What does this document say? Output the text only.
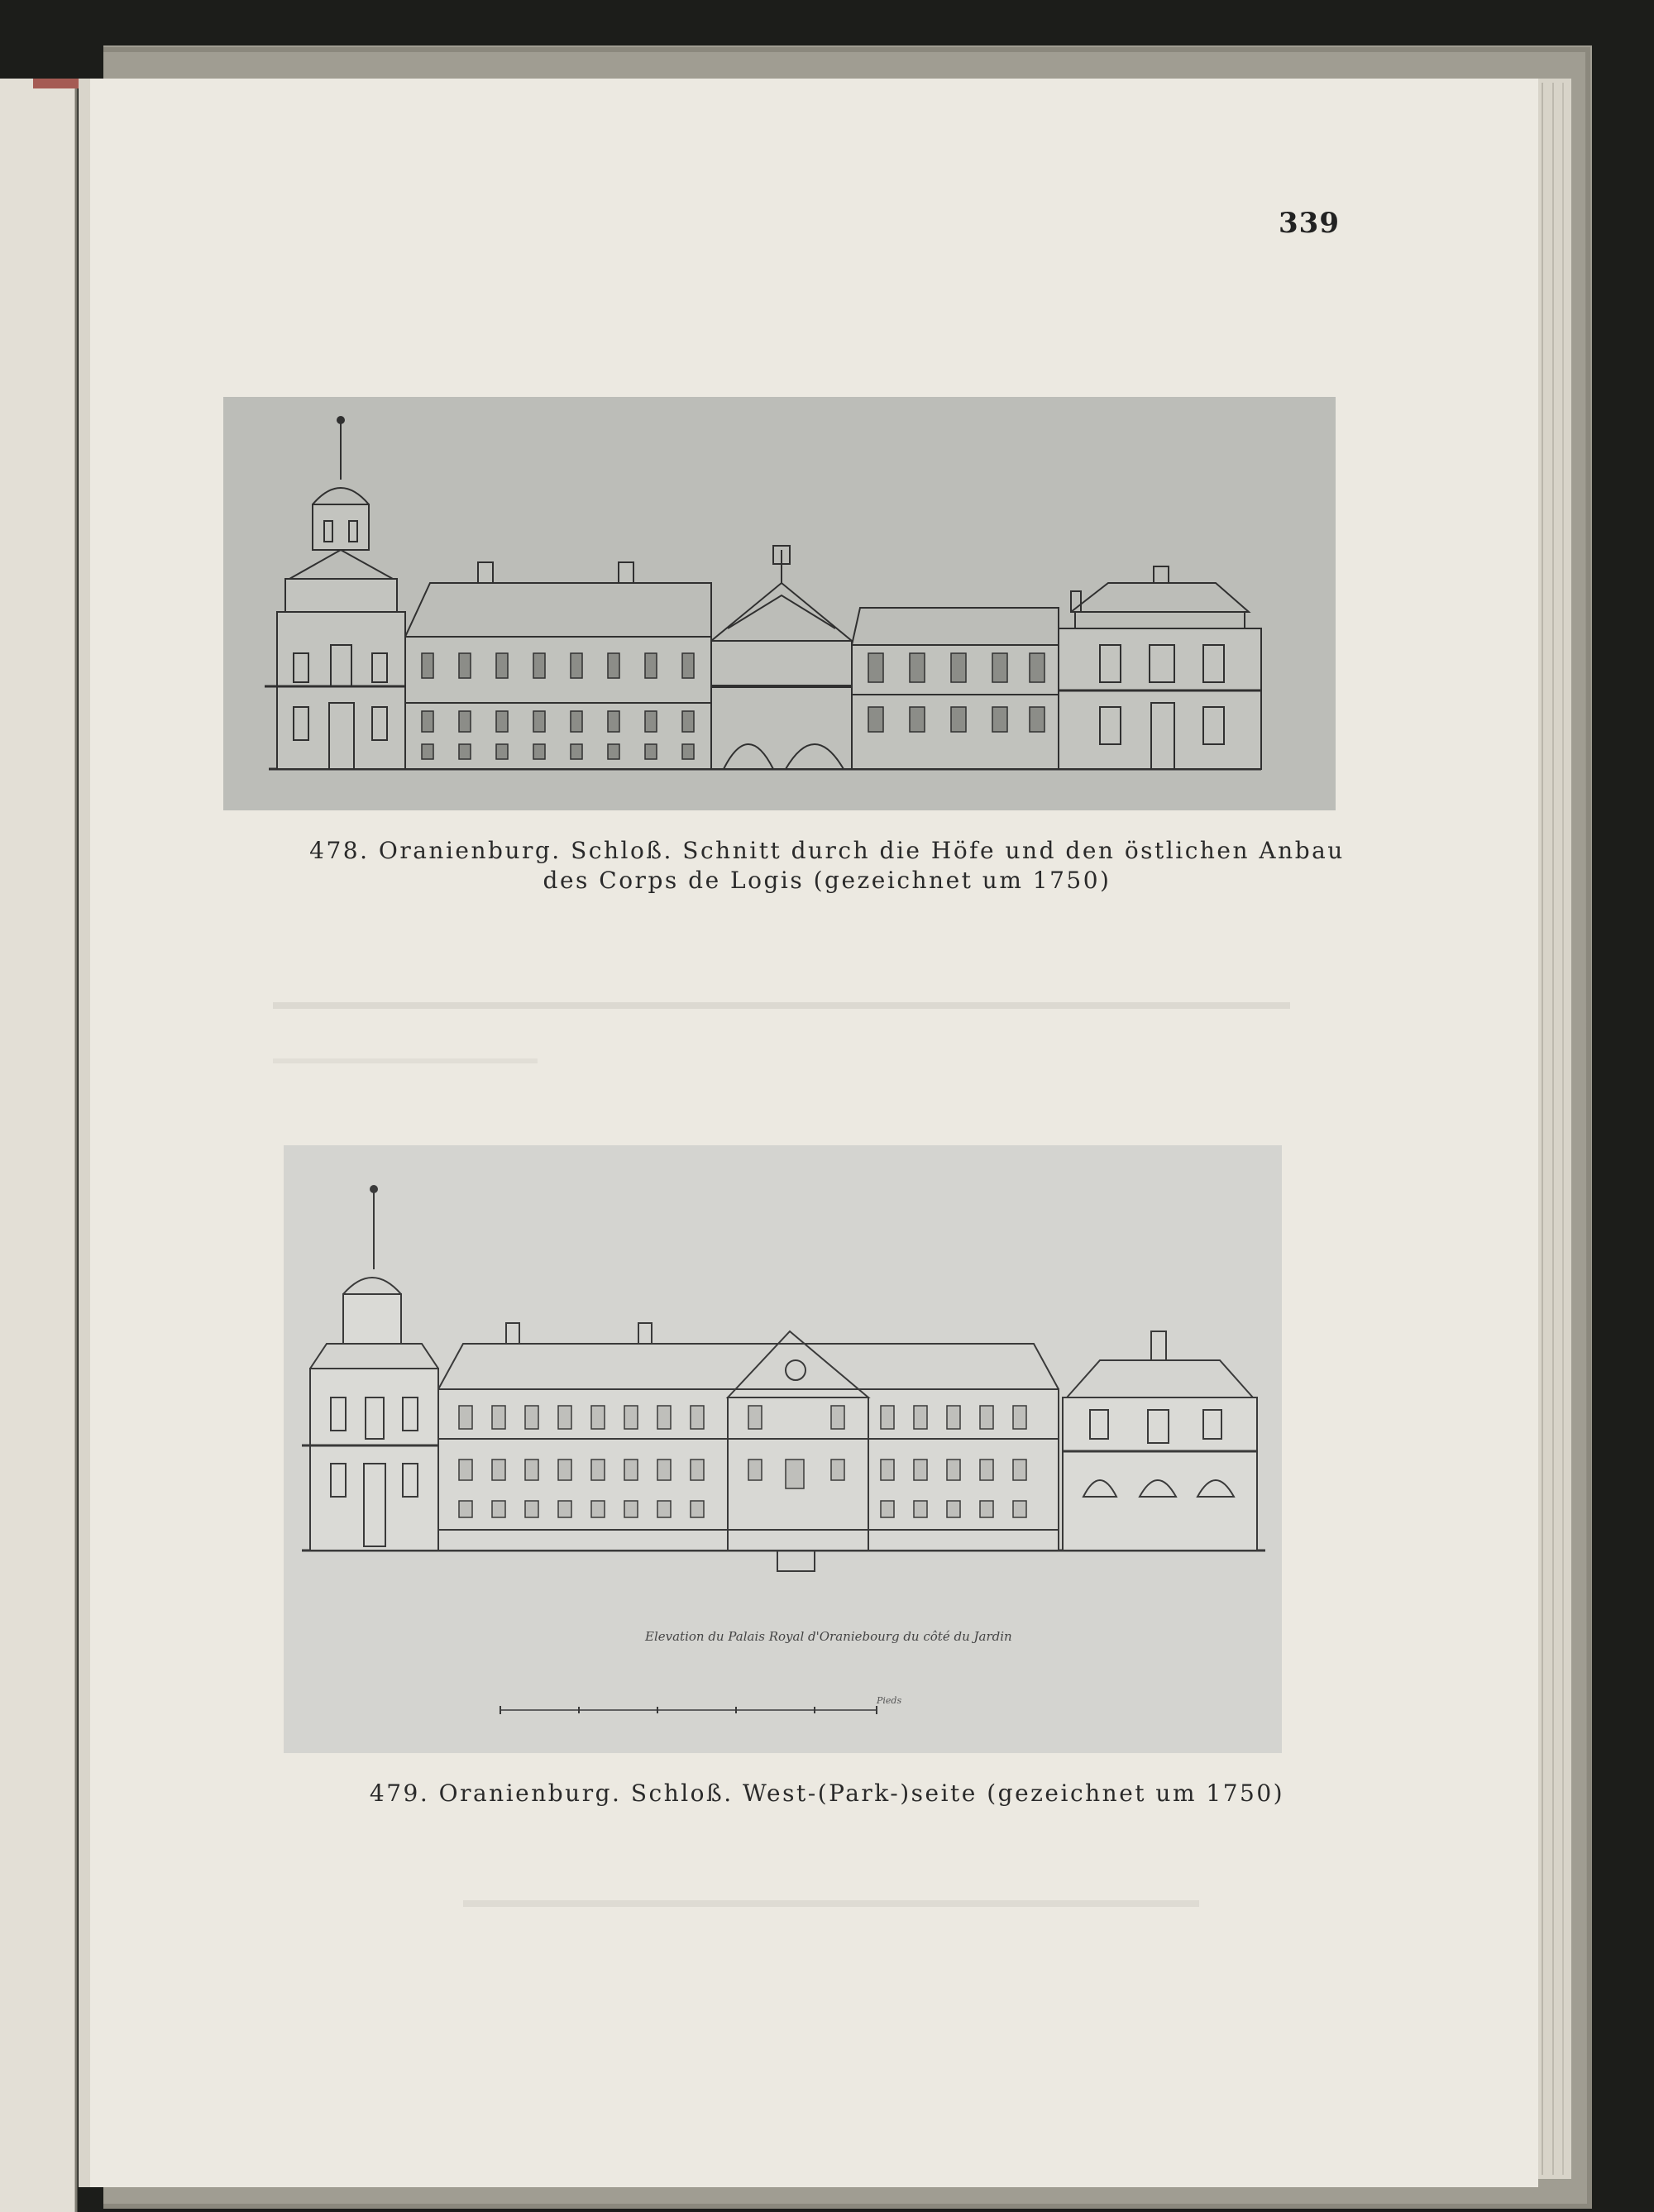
339
478. Oranienburg. Schloß. Schnitt durch die Höfe und den östlichen Anbau
des Corps de Logis (gezeichnet um 1750)
Elevation du Palais Royal d'Oraniebourg du côté du Jardin
Pieds
479. Oranienburg. Schloß. West-(Park-)seite (gezeichnet um 1750)
